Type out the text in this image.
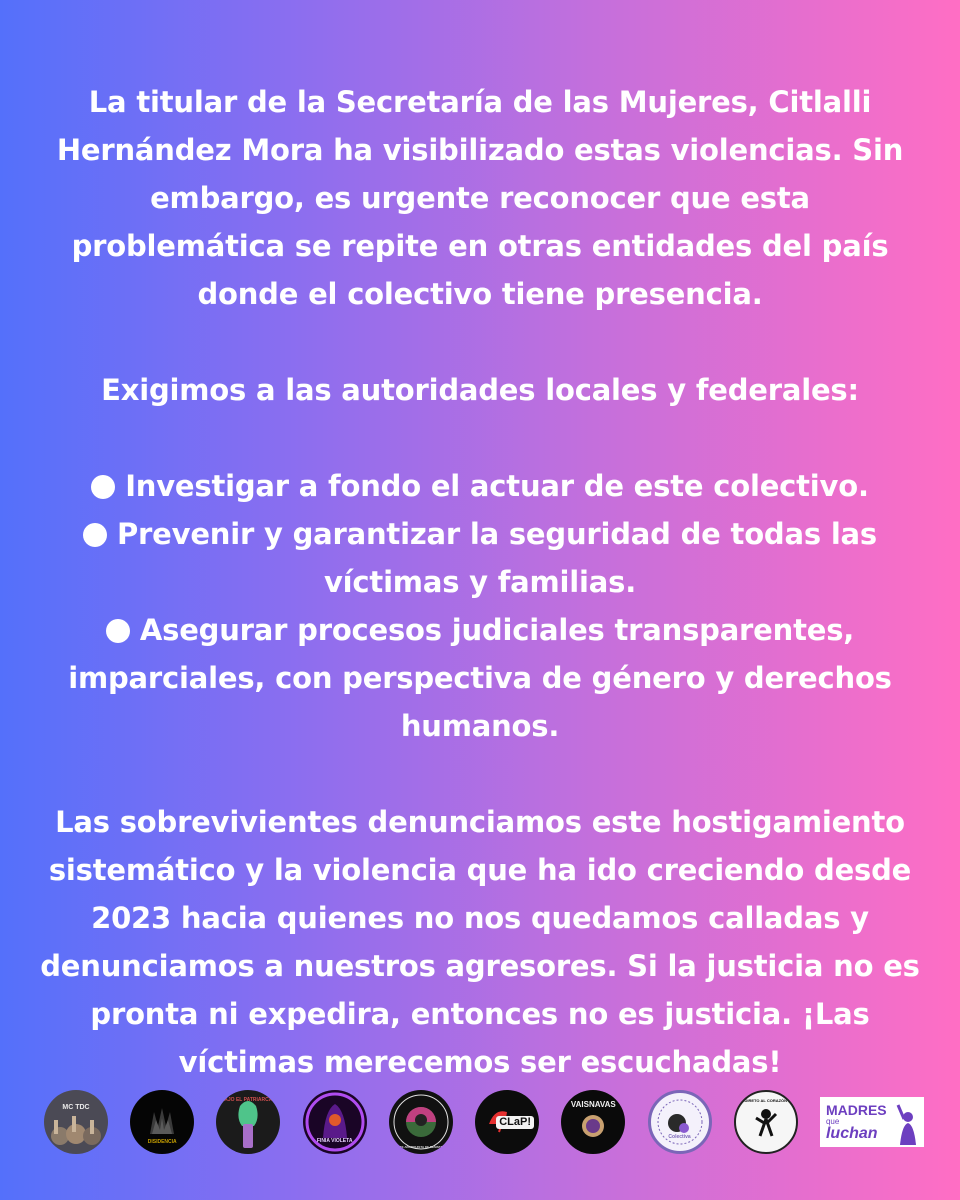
La titular de la Secretaría de las Mujeres, Citlalli Hernández Mora ha visibilizado estas violencias. Sin embargo, es urgente reconocer que esta problemática se repite en otras entidades del país donde el colectivo tiene presencia.

Exigimos a las autoridades locales y federales:

Investigar a fondo el actuar de este colectivo.

Prevenir y garantizar la seguridad de todas las víctimas y familias.

Asegurar procesos judiciales transparentes, imparciales, con perspectiva de género y derechos humanos.

Las sobrevivientes denunciamos este hostigamiento sistemático y la violencia que ha ido creciendo desde 2023 hacia quienes no nos quedamos calladas y denunciamos a nuestros agresores. Si la justicia no es pronta ni expedira, entonces no es justicia. ¡Las víctimas merecemos ser escuchadas!

MC TDC
DISIDENCIA
ABAJO EL PATRIARCADO
FINIA VIOLETA
FRENTE ANARQUISTA DE RESISTENCIA
CLaP!
VAISNAVAS
Colectiva
DIRETO AL CORAZÓN
MADRES
que
luchan
